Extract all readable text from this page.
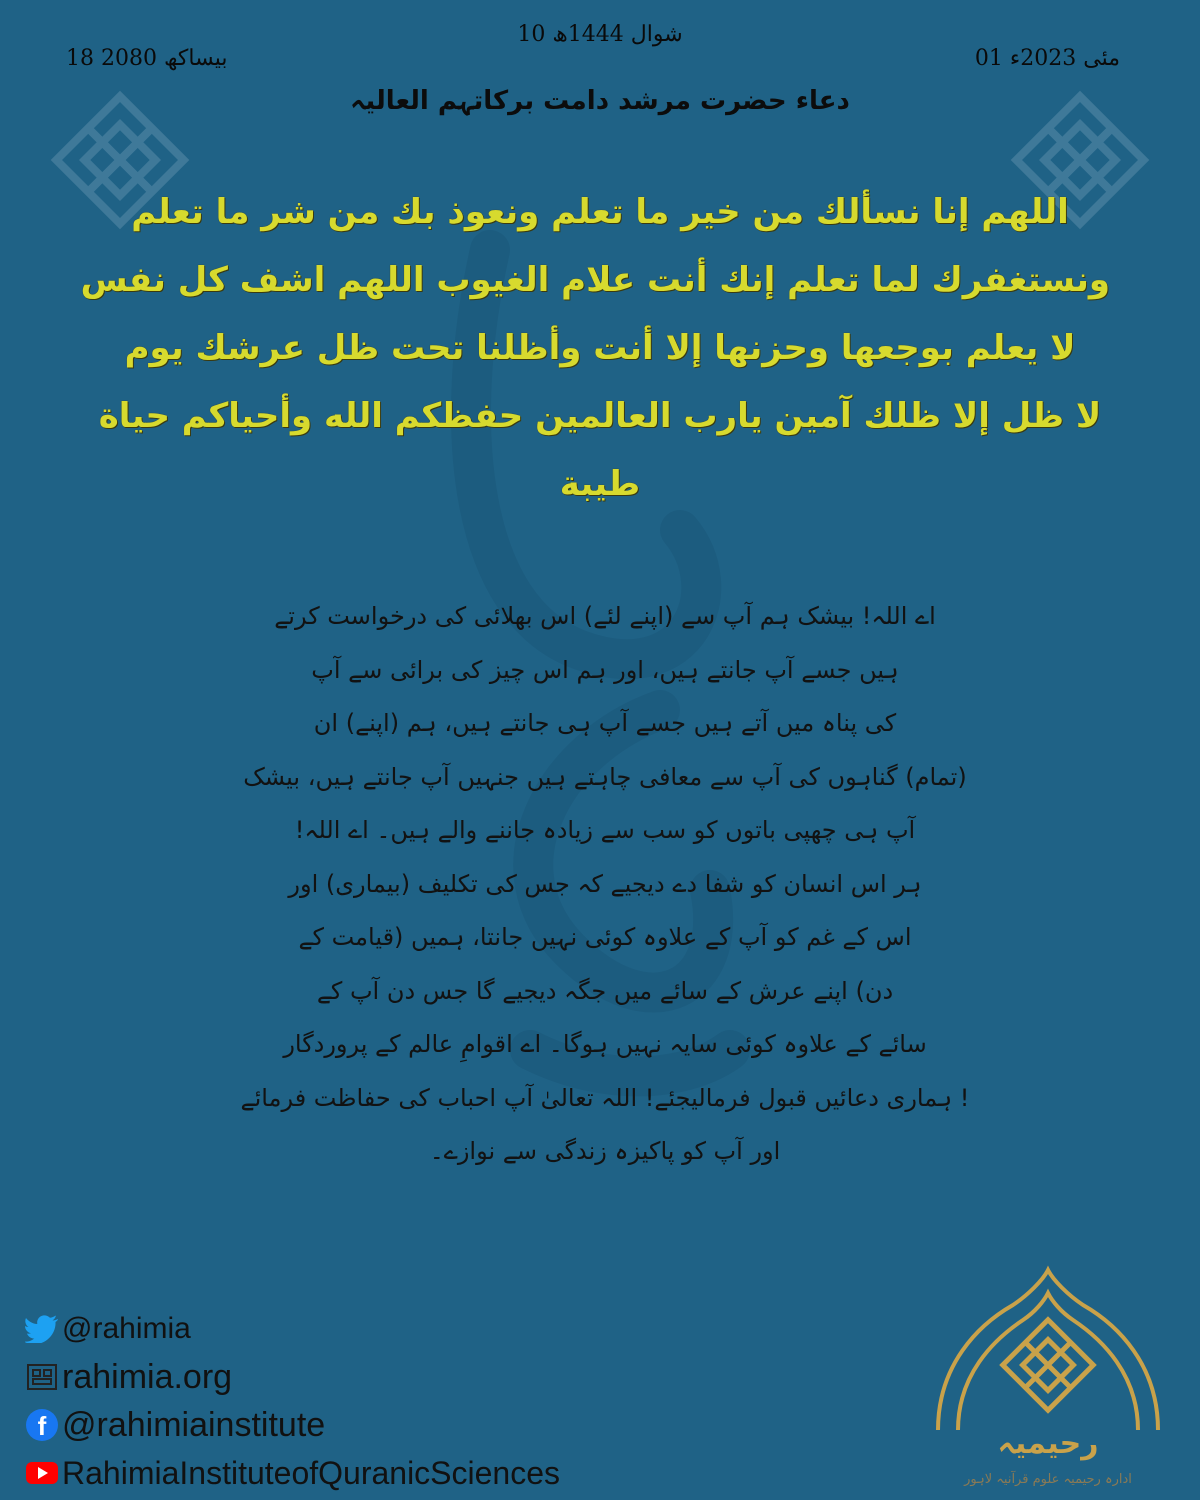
18 بیساکھ 2080
10 شوال 1444ھ
01 مئی 2023ء
دعاء حضرت مرشد دامت برکاتہم العالیہ
اللهم إنا نسألك من خير ما تعلم ونعوذ بك من شر ما تعلم
ونستغفرك لما تعلم إنك أنت علام الغيوب اللهم اشف كل نفس
لا يعلم بوجعها وحزنها إلا أنت وأظلنا تحت ظل عرشك يوم
لا ظل إلا ظلك آمين يارب العالمين حفظكم الله وأحياكم حياة
طيبة
اے اللہ! بیشک ہم آپ سے (اپنے لئے) اس بھلائی کی درخواست کرتے
ہیں جسے آپ جانتے ہیں، اور ہم اس چیز کی برائی سے آپ
کی پناہ میں آتے ہیں جسے آپ ہی جانتے ہیں، ہم (اپنے) ان
(تمام) گناہوں کی آپ سے معافی چاہتے ہیں جنہیں آپ جانتے ہیں، بیشک
آپ ہی چھپی باتوں کو سب سے زیادہ جاننے والے ہیں۔ اے اللہ!
ہر اس انسان کو شفا دے دیجیے کہ جس کی تکلیف (بیماری) اور
اس کے غم کو آپ کے علاوہ کوئی نہیں جانتا، ہمیں (قیامت کے
دن) اپنے عرش کے سائے میں جگہ دیجیے گا جس دن آپ کے
سائے کے علاوہ کوئی سایہ نہیں ہوگا۔ اے اقوامِ عالم کے پروردگار
! ہماری دعائیں قبول فرمالیجئے! اللہ تعالیٰ آپ احباب کی حفاظت فرمائے
اور آپ کو پاکیزہ زندگی سے نوازے۔
@rahimia
rahimia.org
f @rahimiainstitute
RahimiaInstituteofQuranicSciences
رحیمیہ
ادارہ رحیمیہ علوم قرآنیہ لاہور
